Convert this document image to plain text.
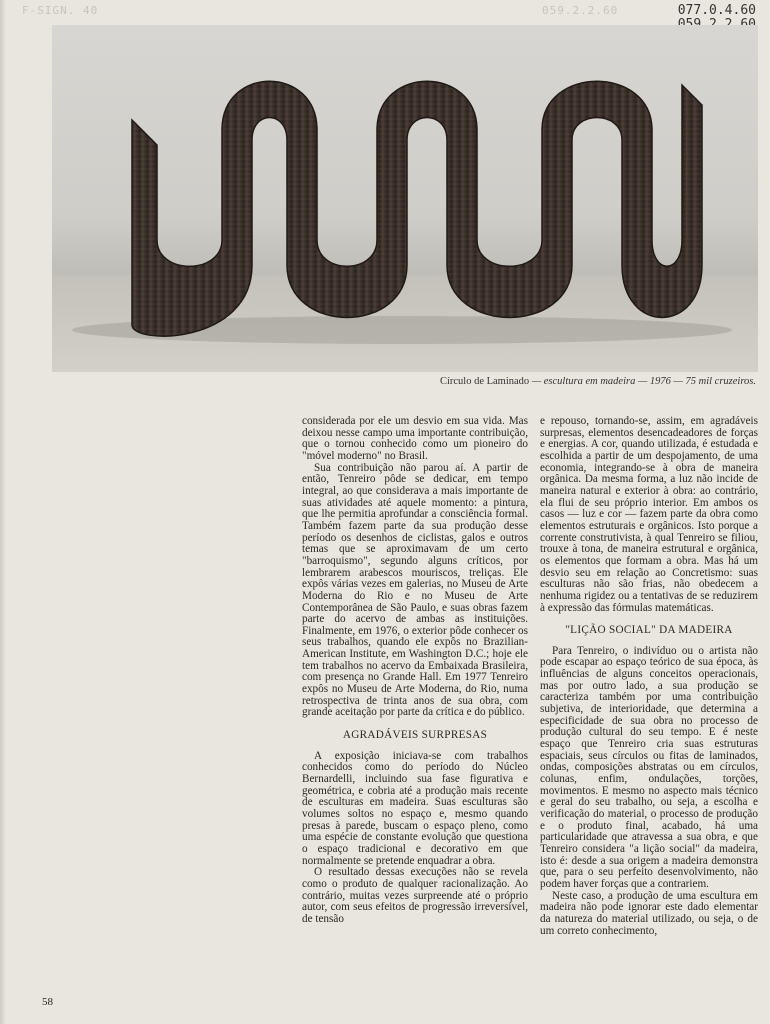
F-SIGN. 40	059.2.2.60	077.0.4.60
Círculo de Laminado — escultura em madeira — 1976 — 75 mil cruzeiros.

considerada por ele um desvio em sua vida. Mas deixou nesse campo uma importante contribuição, que o tornou conhecido como um pioneiro do "móvel moderno" no Brasil.

Sua contribuição não parou aí. A partir de então, Tenreiro pôde se dedicar, em tempo integral, ao que considerava a mais importante de suas atividades até aquele momento: a pintura, que lhe permitia aprofundar a consciência formal. Também fazem parte da sua produção desse período os desenhos de ciclistas, galos e outros temas que se aproximavam de um certo "barroquismo", segundo alguns críticos, por lembrarem arabescos mouriscos, treliças. Ele expôs várias vezes em galerias, no Museu de Arte Moderna do Rio e no Museu de Arte Contemporânea de São Paulo, e suas obras fazem parte do acervo de ambas as instituições. Finalmente, em 1976, o exterior pôde conhecer os seus trabalhos, quando ele expôs no Brazilian-American Institute, em Washington D.C.; hoje ele tem trabalhos no acervo da Embaixada Brasileira, com presença no Grande Hall. Em 1977 Tenreiro expôs no Museu de Arte Moderna, do Rio, numa retrospectiva de trinta anos de sua obra, com grande aceitação por parte da crítica e do público.

AGRADÁVEIS SURPRESAS

A exposição iniciava-se com trabalhos conhecidos como do período do Núcleo Bernardelli, incluindo sua fase figurativa e geométrica, e cobria até a produção mais recente de esculturas em madeira. Suas esculturas são volumes soltos no espaço e, mesmo quando presas à parede, buscam o espaço pleno, como uma espécie de constante evolução que questiona o espaço tradicional e decorativo em que normalmente se pretende enquadrar a obra.

O resultado dessas execuções não se revela como o produto de qualquer racionalização. Ao contrário, muitas vezes surpreende até o próprio autor, com seus efeitos de progressão irreversível, de tensão

e repouso, tornando-se, assim, em agradáveis surpresas, elementos desencadeadores de forças e energias. A cor, quando utilizada, é estudada e escolhida a partir de um despojamento, de uma economia, integrando-se à obra de maneira orgânica. Da mesma forma, a luz não incide de maneira natural e exterior à obra: ao contrário, ela flui de seu próprio interior. Em ambos os casos — luz e cor — fazem parte da obra como elementos estruturais e orgânicos. Isto porque a corrente construtivista, à qual Tenreiro se filiou, trouxe à tona, de maneira estrutural e orgânica, os elementos que formam a obra. Mas há um desvio seu em relação ao Concretismo: suas esculturas não são frias, não obedecem a nenhuma rigidez ou a tentativas de se reduzirem à expressão das fórmulas matemáticas.

"LIÇÃO SOCIAL" DA MADEIRA

Para Tenreiro, o indivíduo ou o artista não pode escapar ao espaço teórico de sua época, às influências de alguns conceitos operacionais, mas por outro lado, a sua produção se caracteriza também por uma contribuição subjetiva, de interioridade, que determina a especificidade de sua obra no processo de produção cultural do seu tempo. E é neste espaço que Tenreiro cria suas estruturas espaciais, seus círculos ou fitas de laminados, ondas, composições abstratas ou em círculos, colunas, enfim, ondulações, torções, movimentos. E mesmo no aspecto mais técnico e geral do seu trabalho, ou seja, a escolha e verificação do material, o processo de produção e o produto final, acabado, há uma particularidade que atravessa a sua obra, e que Tenreiro considera "a lição social" da madeira, isto é: desde a sua origem a madeira demonstra que, para o seu perfeito desenvolvimento, não podem haver forças que a contrariem.

Neste caso, a produção de uma escultura em madeira não pode ignorar este dado elementar da natureza do material utilizado, ou seja, o de um correto conhecimento,

58
